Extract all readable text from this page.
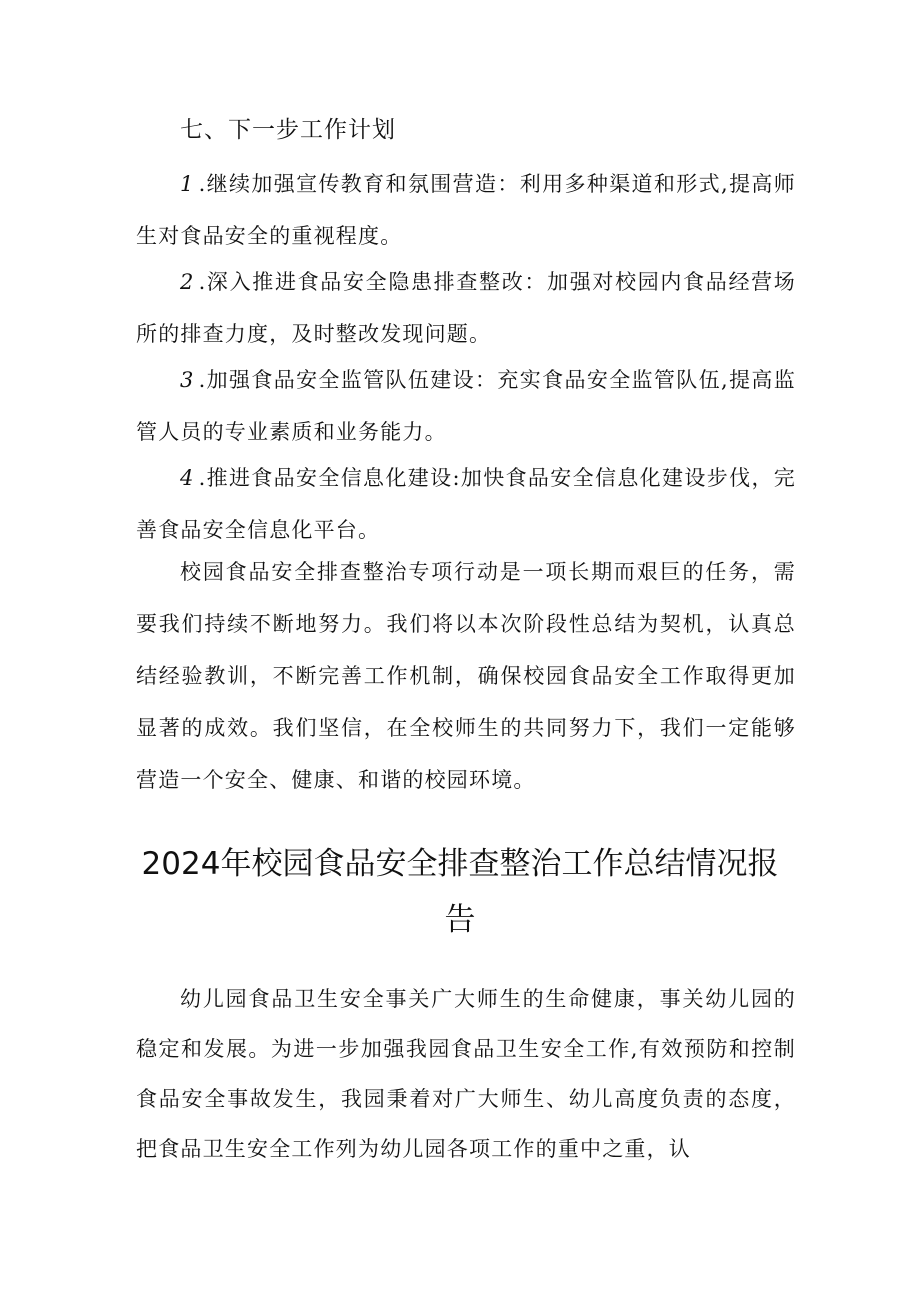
七、下一步工作计划

1 .继续加强宣传教育和氛围营造：利用多种渠道和形式,提高师生对食品安全的重视程度。

2 .深入推进食品安全隐患排查整改：加强对校园内食品经营场所的排查力度，及时整改发现问题。

3 .加强食品安全监管队伍建设：充实食品安全监管队伍,提高监管人员的专业素质和业务能力。

4 .推进食品安全信息化建设:加快食品安全信息化建设步伐，完善食品安全信息化平台。

校园食品安全排查整治专项行动是一项长期而艰巨的任务，需要我们持续不断地努力。我们将以本次阶段性总结为契机，认真总结经验教训，不断完善工作机制，确保校园食品安全工作取得更加显著的成效。我们坚信，在全校师生的共同努力下，我们一定能够营造一个安全、健康、和谐的校园环境。

2024年校园食品安全排查整治工作总结情况报告

幼儿园食品卫生安全事关广大师生的生命健康，事关幼儿园的稳定和发展。为进一步加强我园食品卫生安全工作,有效预防和控制食品安全事故发生，我园秉着对广大师生、幼儿高度负责的态度，把食品卫生安全工作列为幼儿园各项工作的重中之重，认
